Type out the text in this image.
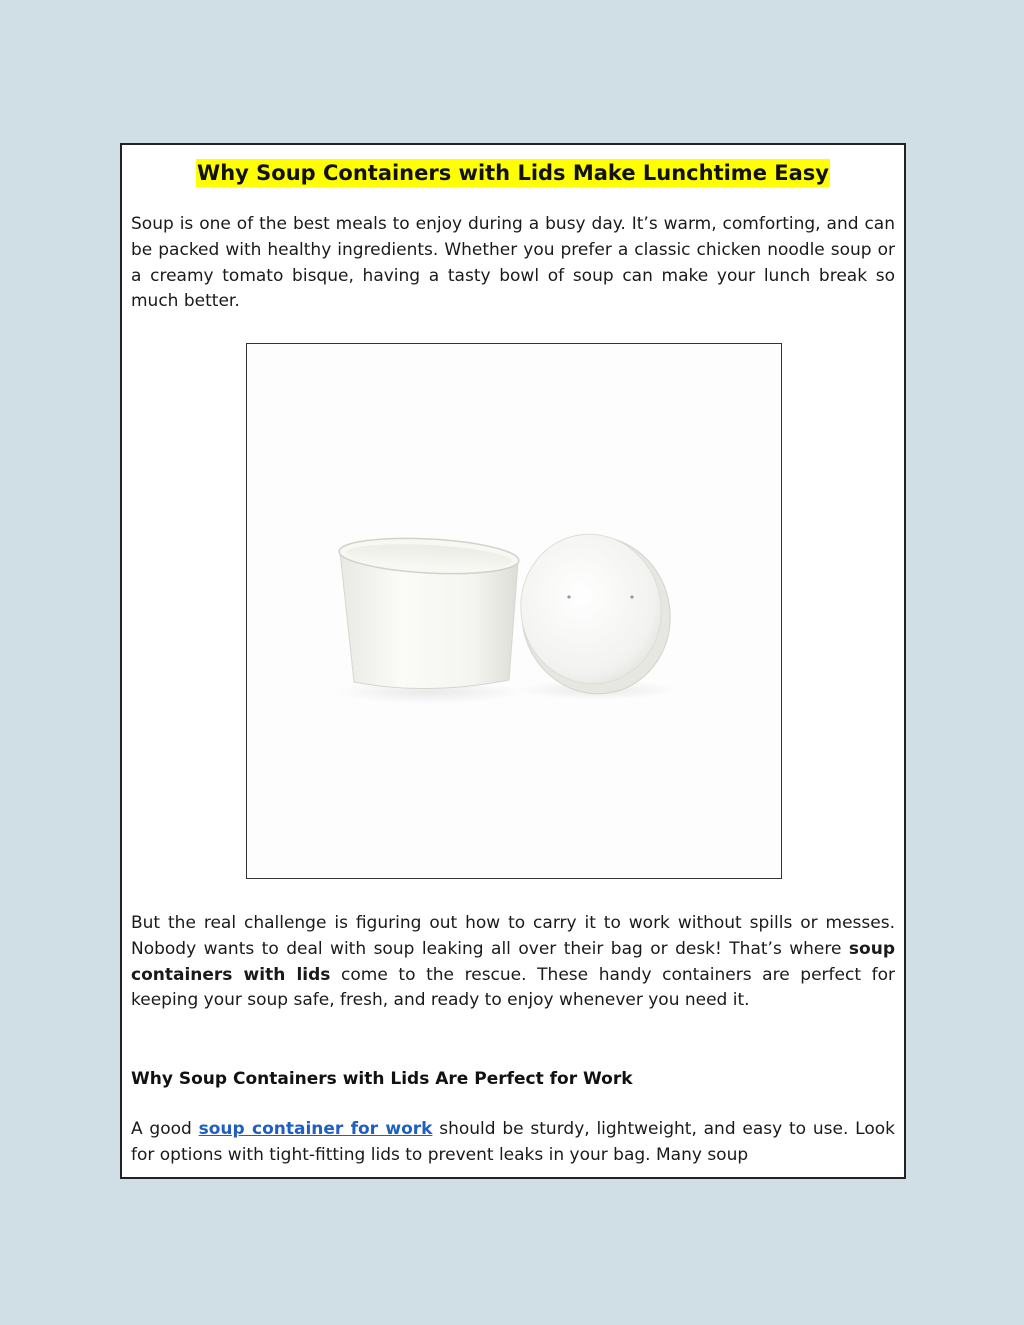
Why Soup Containers with Lids Make Lunchtime Easy

Soup is one of the best meals to enjoy during a busy day. It’s warm, comforting, and can be packed with healthy ingredients. Whether you prefer a classic chicken noodle soup or a creamy tomato bisque, having a tasty bowl of soup can make your lunch break so much better.

But the real challenge is figuring out how to carry it to work without spills or messes. Nobody wants to deal with soup leaking all over their bag or desk! That’s where soup containers with lids come to the rescue. These handy containers are perfect for keeping your soup safe, fresh, and ready to enjoy whenever you need it.

Why Soup Containers with Lids Are Perfect for Work

A good soup container for work should be sturdy, lightweight, and easy to use. Look for options with tight-fitting lids to prevent leaks in your bag. Many soup
